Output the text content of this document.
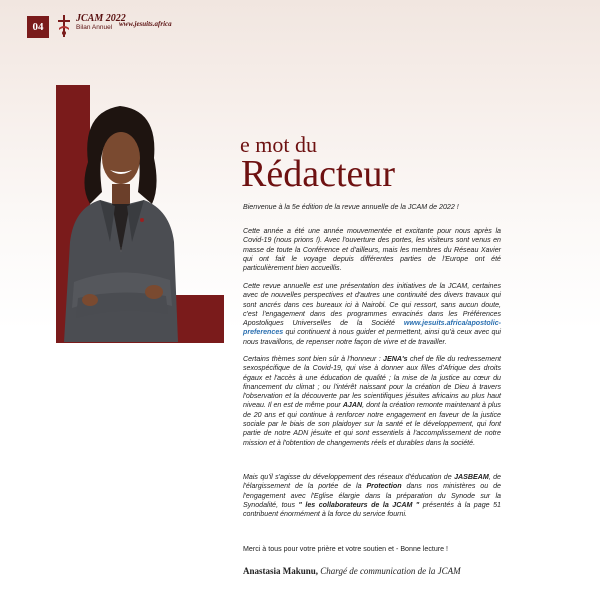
04
JCAM 2022
Bilan Annuel www.jesuits.africa
e mot du
Rédacteur

Bienvenue à la 5e édition de la revue annuelle de la JCAM de 2022 !

Cette année a été une année mouvementée et excitante pour nous après la Covid-19 (nous prions !). Avec l'ouverture des portes, les visiteurs sont venus en masse de toute la Conférence et d'ailleurs, mais les membres du Réseau Xavier qui ont fait le voyage depuis différentes parties de l'Europe ont été particulièrement bien accueillis.

Cette revue annuelle est une présentation des initiatives de la JCAM, certaines avec de nouvelles perspectives et d'autres une continuité des divers travaux qui sont ancrés dans ces bureaux ici à Nairobi. Ce qui ressort, sans aucun doute, c'est l'engagement dans des programmes enracinés dans les Préférences Apostoliques Universelles de la Société www.jesuits.africa/apostolic-preferences qui continuent à nous guider et permettent, ainsi qu'à ceux avec qui nous travaillons, de repenser notre façon de vivre et de travailler.

Certains thèmes sont bien sûr à l'honneur : JENA's chef de file du redressement sexospécifique de la Covid-19, qui vise à donner aux filles d'Afrique des droits égaux et l'accès à une éducation de qualité ; la mise de la justice au cœur du financement du climat ; ou l'intérêt naissant pour la création de Dieu à travers l'observation et la découverte par les scientifiques jésuites africains au plus haut niveau. Il en est de même pour AJAN, dont la création remonte maintenant à plus de 20 ans et qui continue à renforcer notre engagement en faveur de la justice sociale par le biais de son plaidoyer sur la santé et le développement, qui font partie de notre ADN jésuite et qui sont essentiels à l'accomplissement de notre mission et à l'obtention de changements réels et durables dans la société.

Mais qu'il s'agisse du développement des réseaux d'éducation de JASBEAM, de l'élargissement de la portée de la Protection dans nos ministères ou de l'engagement avec l'Eglise élargie dans la préparation du Synode sur la Synodalité, tous " les collaborateurs de la JCAM " présentés à la page 51 contribuent énormément à la force du service fourni.

Merci à tous pour votre prière et votre soutien et - Bonne lecture !
Anastasia Makunu, Chargé de communication de la JCAM
